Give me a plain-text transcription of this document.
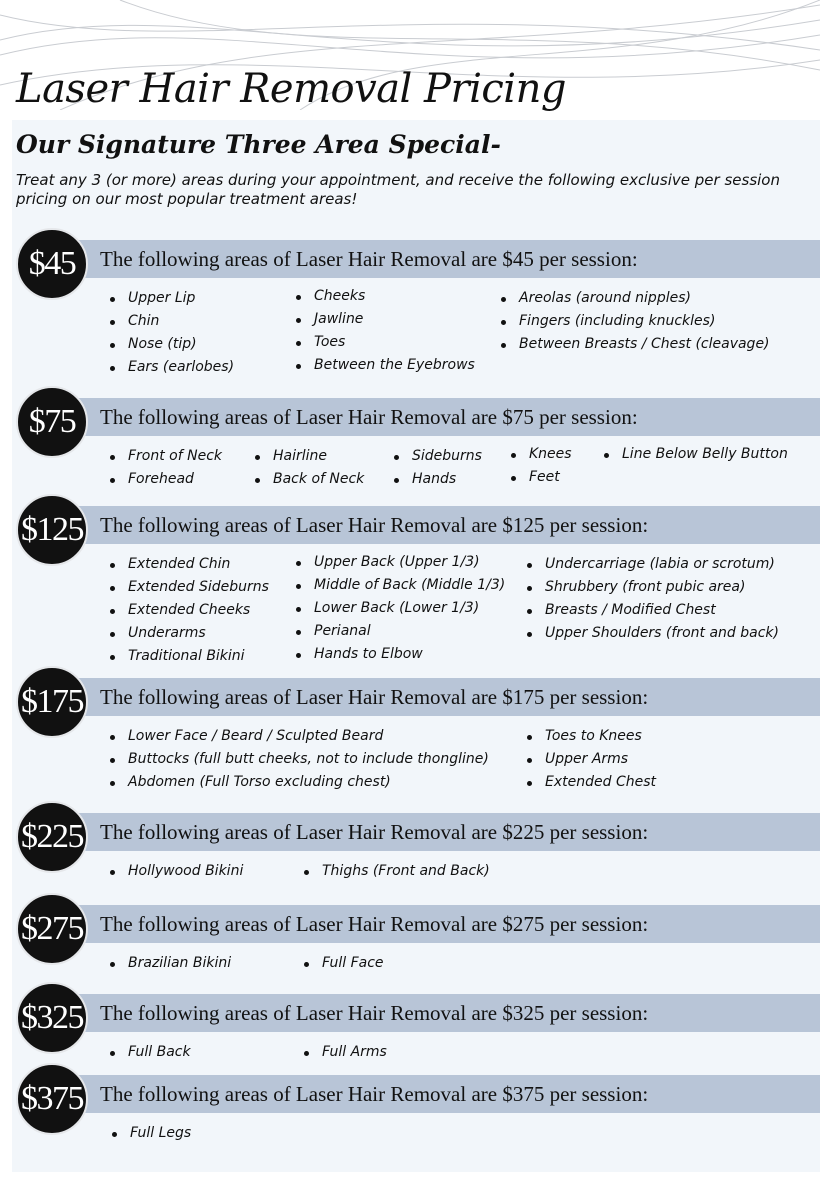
Laser Hair Removal Pricing
Our Signature Three Area Special-

Treat any 3 (or more) areas during your appointment, and receive the following exclusive per session pricing on our most popular treatment areas!

The following areas of Laser Hair Removal are $45 per session:
$45
Upper Lip
Chin
Nose (tip)
Ears (earlobes)
Cheeks
Jawline
Toes
Between the Eyebrows
Areolas (around nipples)
Fingers (including knuckles)
Between Breasts / Chest (cleavage)
The following areas of Laser Hair Removal are $75 per session:
$75
Front of Neck
Forehead
Hairline
Back of Neck
Sideburns
Hands
Knees
Feet
Line Below Belly Button
The following areas of Laser Hair Removal are $125 per session:
$125
Extended Chin
Extended Sideburns
Extended Cheeks
Underarms
Traditional Bikini
Upper Back (Upper 1/3)
Middle of Back (Middle 1/3)
Lower Back (Lower 1/3)
Perianal
Hands to Elbow
Undercarriage (labia or scrotum)
Shrubbery (front pubic area)
Breasts / Modified Chest
Upper Shoulders (front and back)
The following areas of Laser Hair Removal are $175 per session:
$175
Lower Face / Beard / Sculpted Beard
Buttocks (full butt cheeks, not to include thongline)
Abdomen (Full Torso excluding chest)
Toes to Knees
Upper Arms
Extended Chest
The following areas of Laser Hair Removal are $225 per session:
$225
Hollywood Bikini	Thighs (Front and Back)
The following areas of Laser Hair Removal are $275 per session:
$275
Brazilian Bikini	Full Face
The following areas of Laser Hair Removal are $325 per session:
$325
Full Back	Full Arms
The following areas of Laser Hair Removal are $375 per session:
$375
Full Legs
